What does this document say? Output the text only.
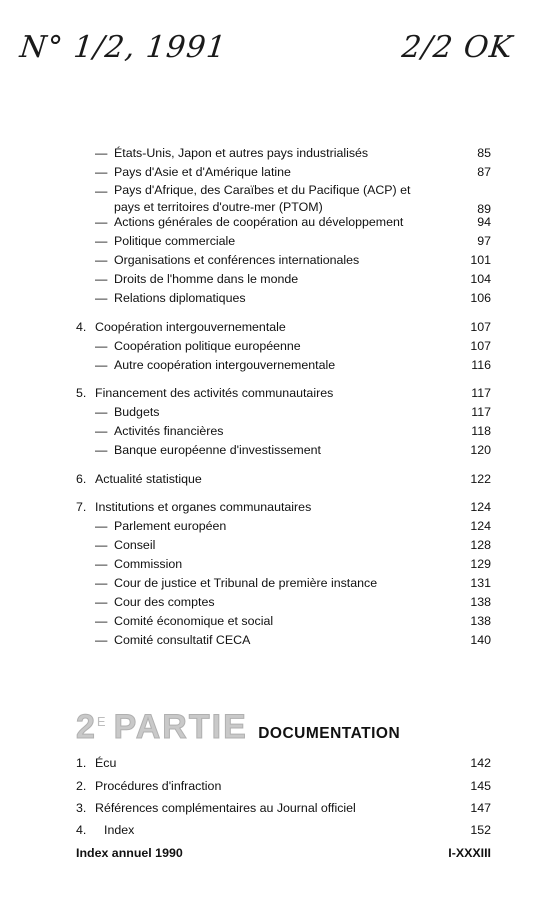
N° 1/2, 1991	2/2 OK
— États-Unis, Japon et autres pays industrialisés	85
— Pays d'Asie et d'Amérique latine	87
— Pays d'Afrique, des Caraïbes et du Pacifique (ACP) et pays et territoires d'outre-mer (PTOM)	89
— Actions générales de coopération au développement	94
— Politique commerciale	97
— Organisations et conférences internationales	101
— Droits de l'homme dans le monde	104
— Relations diplomatiques	106
4. Coopération intergouvernementale	107
— Coopération politique européenne	107
— Autre coopération intergouvernementale	116
5. Financement des activités communautaires	117
— Budgets	117
— Activités financières	118
— Banque européenne d'investissement	120
6. Actualité statistique	122
7. Institutions et organes communautaires	124
— Parlement européen	124
— Conseil	128
— Commission	129
— Cour de justice et Tribunal de première instance	131
— Cour des comptes	138
— Comité économique et social	138
— Comité consultatif CECA	140
$2^E$ PARTIE DOCUMENTATION
1. Écu	142
2. Procédures d'infraction	145
3. Références complémentaires au Journal officiel	147
4.	Index	152
Index annuel 1990	I-XXXIII
